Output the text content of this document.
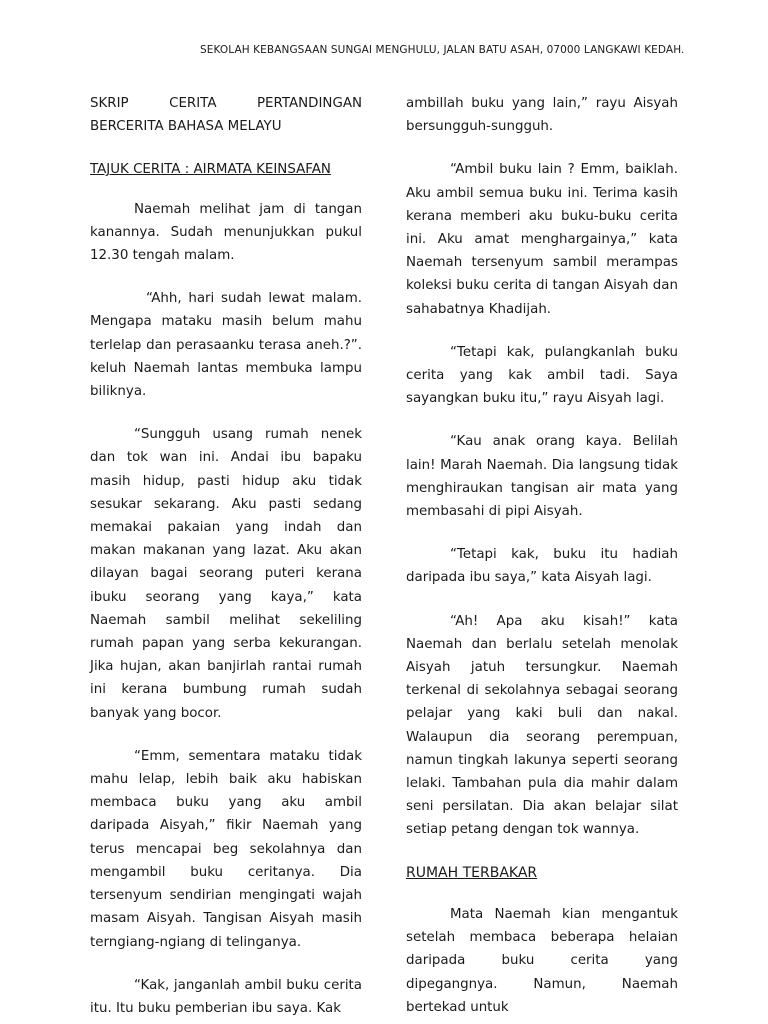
SEKOLAH KEBANGSAAN SUNGAI MENGHULU, JALAN BATU ASAH, 07000 LANGKAWI KEDAH.

SKRIP CERITA PERTANDINGAN
BERCERITA BAHASA MELAYU

TAJUK CERITA : AIRMATA KEINSAFAN

Naemah melihat jam di tangan kanannya. Sudah menunjukkan pukul 12.30 tengah malam.

“Ahh, hari sudah lewat malam. Mengapa mataku masih belum mahu terlelap dan perasaanku terasa aneh.?”. keluh Naemah lantas membuka lampu biliknya.

“Sungguh usang rumah nenek dan tok wan ini. Andai ibu bapaku masih hidup, pasti hidup aku tidak sesukar sekarang. Aku pasti sedang memakai pakaian yang indah dan makan makanan yang lazat. Aku akan dilayan bagai seorang puteri kerana ibuku seorang yang kaya,” kata Naemah sambil melihat sekeliling rumah papan yang serba kekurangan. Jika hujan, akan banjirlah rantai rumah ini kerana bumbung rumah sudah banyak yang bocor.

“Emm, sementara mataku tidak mahu lelap, lebih baik aku habiskan membaca buku yang aku ambil daripada Aisyah,” fikir Naemah yang terus mencapai beg sekolahnya dan mengambil buku ceritanya. Dia tersenyum sendirian mengingati wajah masam Aisyah. Tangisan Aisyah masih terngiang-ngiang di telinganya.

“Kak, janganlah ambil buku cerita itu. Itu buku pemberian ibu saya. Kak

ambillah buku yang lain,” rayu Aisyah bersungguh-sungguh.

“Ambil buku lain ? Emm, baiklah. Aku ambil semua buku ini. Terima kasih kerana memberi aku buku-buku cerita ini. Aku amat menghargainya,” kata Naemah tersenyum sambil merampas koleksi buku cerita di tangan Aisyah dan sahabatnya Khadijah.

“Tetapi kak, pulangkanlah buku cerita yang kak ambil tadi. Saya sayangkan buku itu,” rayu Aisyah lagi.

“Kau anak orang kaya. Belilah lain! Marah Naemah. Dia langsung tidak menghiraukan tangisan air mata yang membasahi di pipi Aisyah.

“Tetapi kak, buku itu hadiah daripada ibu saya,” kata Aisyah lagi.

“Ah! Apa aku kisah!” kata Naemah dan berlalu setelah menolak Aisyah jatuh tersungkur. Naemah terkenal di sekolahnya sebagai seorang pelajar yang kaki buli dan nakal. Walaupun dia seorang perempuan, namun tingkah lakunya seperti seorang lelaki. Tambahan pula dia mahir dalam seni persilatan. Dia akan belajar silat setiap petang dengan tok wannya.

RUMAH TERBAKAR

Mata Naemah kian mengantuk setelah membaca beberapa helaian daripada buku cerita yang dipegangnya. Namun, Naemah bertekad untuk
